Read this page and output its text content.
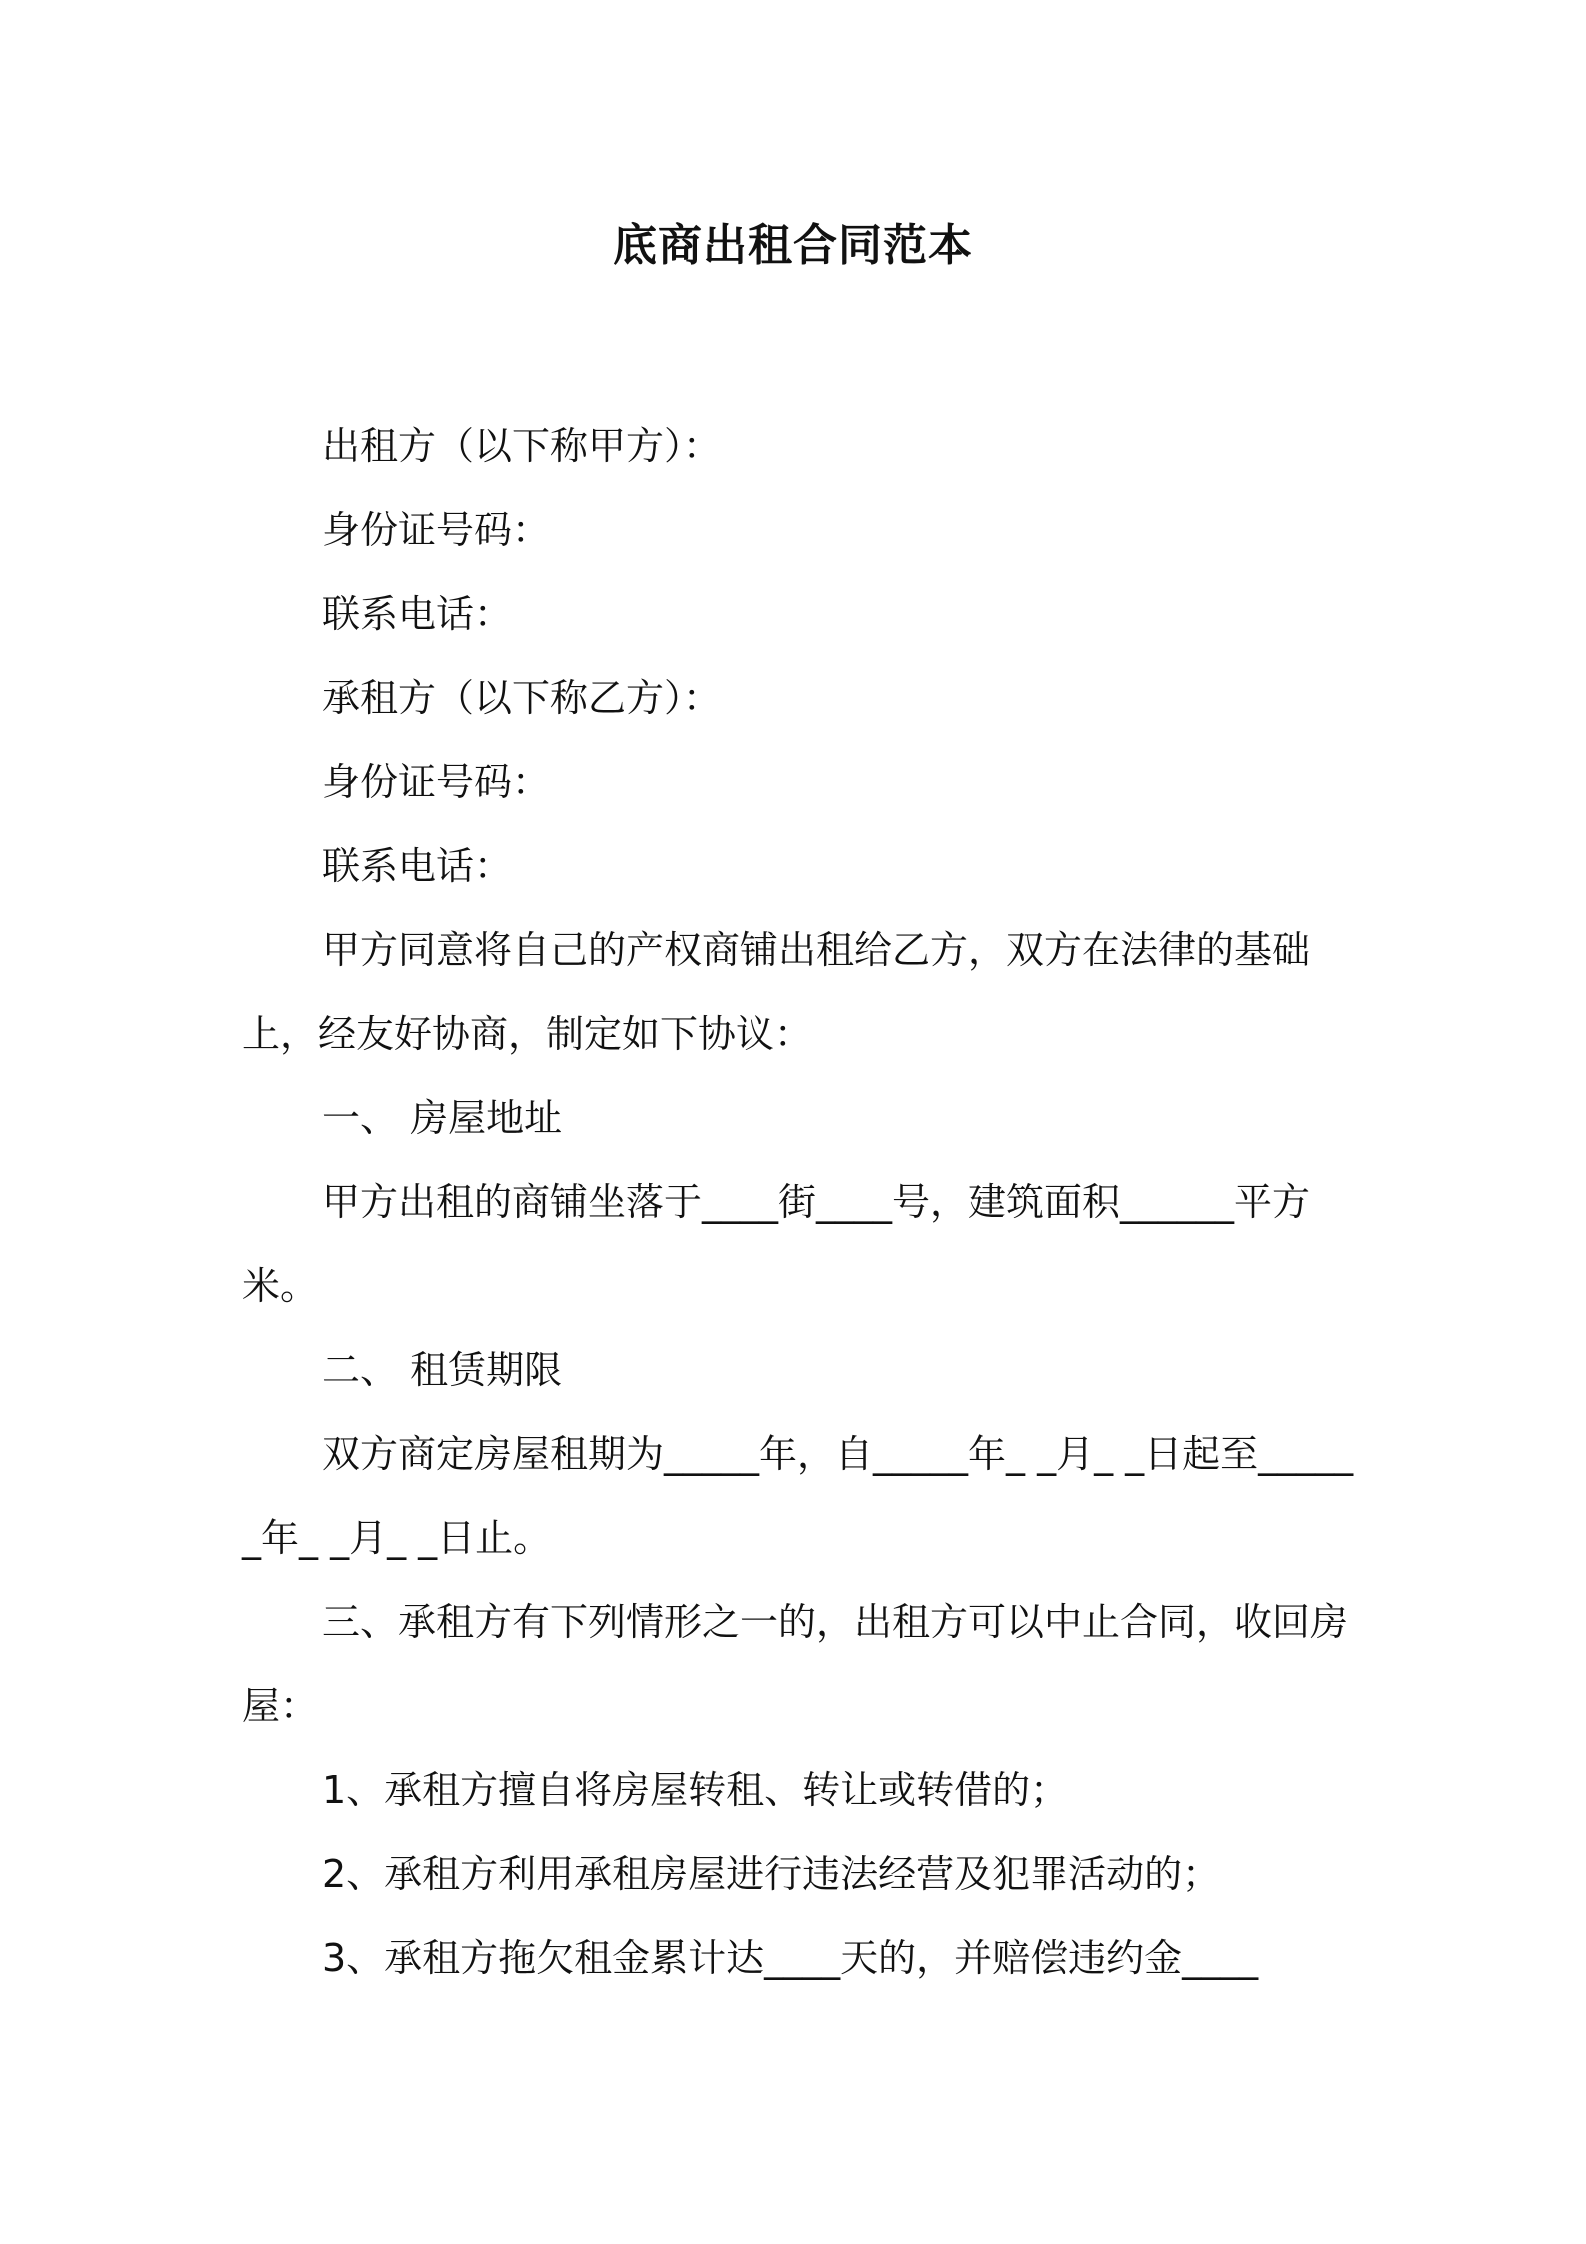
底商出租合同范本

出租方（以下称甲方）：

身份证号码：

联系电话：

承租方（以下称乙方）：

身份证号码：

联系电话：

甲方同意将自己的产权商铺出租给乙方，双方在法律的基础上，经友好协商，制定如下协议：

一、 房屋地址

甲方出租的商铺坐落于____街____号，建筑面积______平方米。

二、 租赁期限

双方商定房屋租期为_____年，自_____年_ _月_ _日起至______年_ _月_ _日止。

三、承租方有下列情形之一的，出租方可以中止合同，收回房屋：

1、承租方擅自将房屋转租、转让或转借的；

2、承租方利用承租房屋进行违法经营及犯罪活动的；

3、承租方拖欠租金累计达____天的，并赔偿违约金____
